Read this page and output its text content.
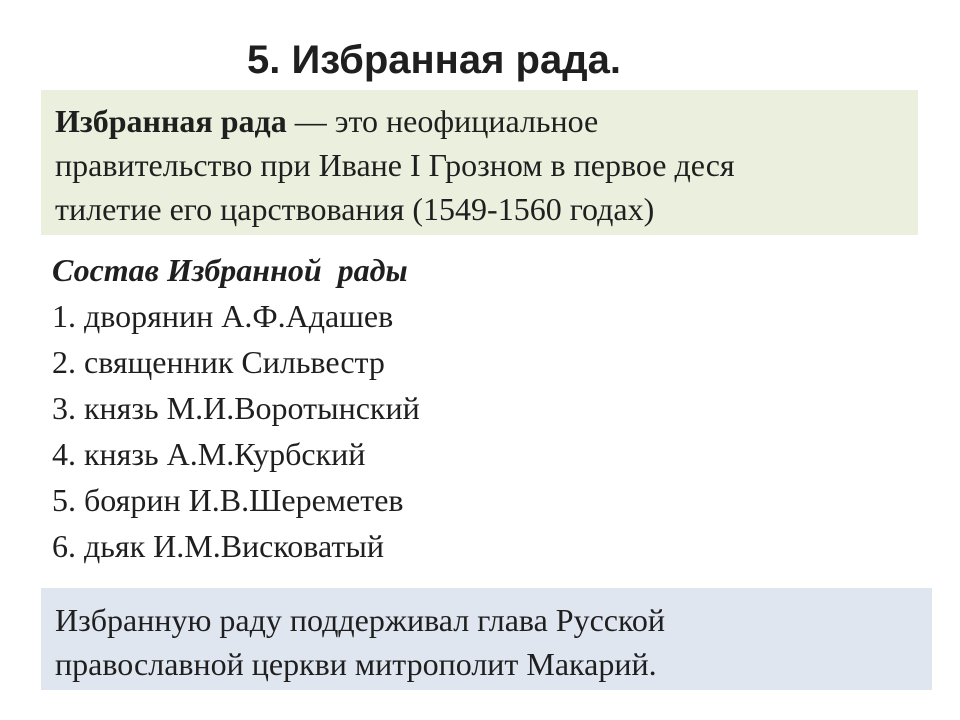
5. Избранная рада.
Избранная рада — это неофициальное
правительство при Иване I Грозном в первое деся
тилетие его царствования (1549-1560 годах)
Состав Избранной  рады
1. дворянин А.Ф.Адашев
2. священник Сильвестр
3. князь М.И.Воротынский
4. князь А.М.Курбский
5. боярин И.В.Шереметев
6. дьяк И.М.Висковатый
Избранную раду поддерживал глава Русской
православной церкви митрополит Макарий.
